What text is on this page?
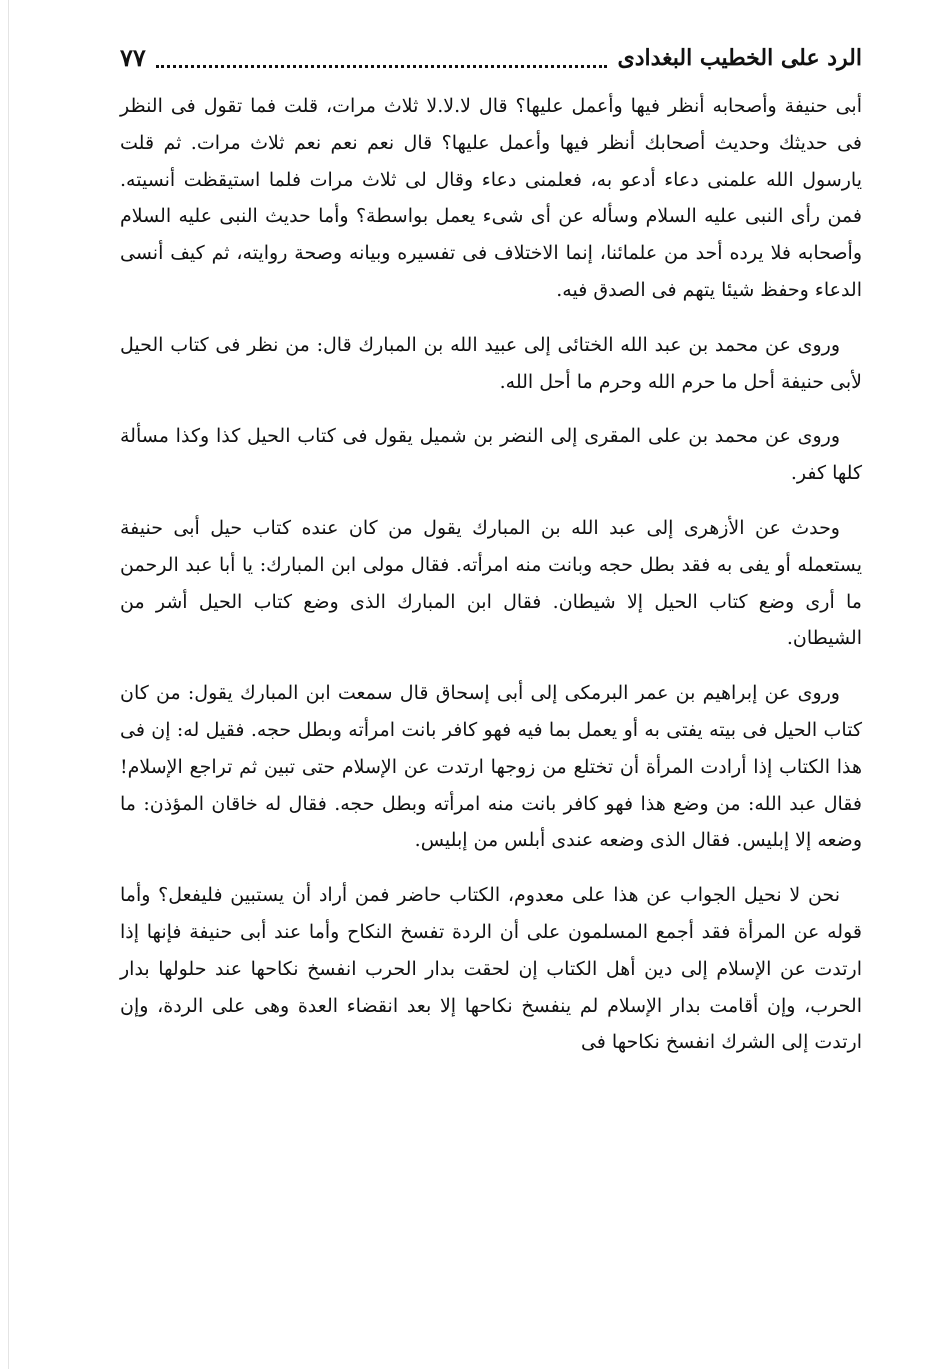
الرد على الخطيب البغدادى
٧٧

أبى حنيفة وأصحابه أنظر فيها وأعمل عليها؟ قال لا.لا.لا ثلاث مرات، قلت فما تقول فى النظر فى حديثك وحديث أصحابك أنظر فيها وأعمل عليها؟ قال نعم نعم نعم ثلاث مرات. ثم قلت يارسول الله علمنى دعاء أدعو به، فعلمنى دعاء وقال لى ثلاث مرات فلما استيقظت أنسيته. فمن رأى النبى عليه السلام وسأله عن أى شىء يعمل بواسطة؟ وأما حديث النبى عليه السلام وأصحابه فلا يرده أحد من علمائنا، إنما الاختلاف فى تفسيره وبيانه وصحة روايته، ثم كيف أنسى الدعاء وحفظ شيئا يتهم فى الصدق فيه.

وروى عن محمد بن عبد الله الختائى إلى عبيد الله بن المبارك قال: من نظر فى كتاب الحيل لأبى حنيفة أحل ما حرم الله وحرم ما أحل الله.

وروى عن محمد بن على المقرى إلى النضر بن شميل يقول فى كتاب الحيل كذا وكذا مسألة كلها كفر.

وحدث عن الأزهرى إلى عبد الله بن المبارك يقول من كان عنده كتاب حيل أبى حنيفة يستعمله أو يفى به فقد بطل حجه وبانت منه امرأته. فقال مولى ابن المبارك: يا أبا عبد الرحمن ما أرى وضع كتاب الحيل إلا شيطان. فقال ابن المبارك الذى وضع كتاب الحيل أشر من الشيطان.

وروى عن إبراهيم بن عمر البرمكى إلى أبى إسحاق قال سمعت ابن المبارك يقول: من كان كتاب الحيل فى بيته يفتى به أو يعمل بما فيه فهو كافر بانت امرأته وبطل حجه. فقيل له: إن فى هذا الكتاب إذا أرادت المرأة أن تختلع من زوجها ارتدت عن الإسلام حتى تبين ثم تراجع الإسلام! فقال عبد الله: من وضع هذا فهو كافر بانت منه امرأته وبطل حجه. فقال له خاقان المؤذن: ما وضعه إلا إبليس. فقال الذى وضعه عندى أبلس من إبليس.

نحن لا نحيل الجواب عن هذا على معدوم، الكتاب حاضر فمن أراد أن يستبين فليفعل؟ وأما قوله عن المرأة فقد أجمع المسلمون على أن الردة تفسخ النكاح وأما عند أبى حنيفة فإنها إذا ارتدت عن الإسلام إلى دين أهل الكتاب إن لحقت بدار الحرب انفسخ نكاحها عند حلولها بدار الحرب، وإن أقامت بدار الإسلام لم ينفسخ نكاحها إلا بعد انقضاء العدة وهى على الردة، وإن ارتدت إلى الشرك انفسخ نكاحها فى
